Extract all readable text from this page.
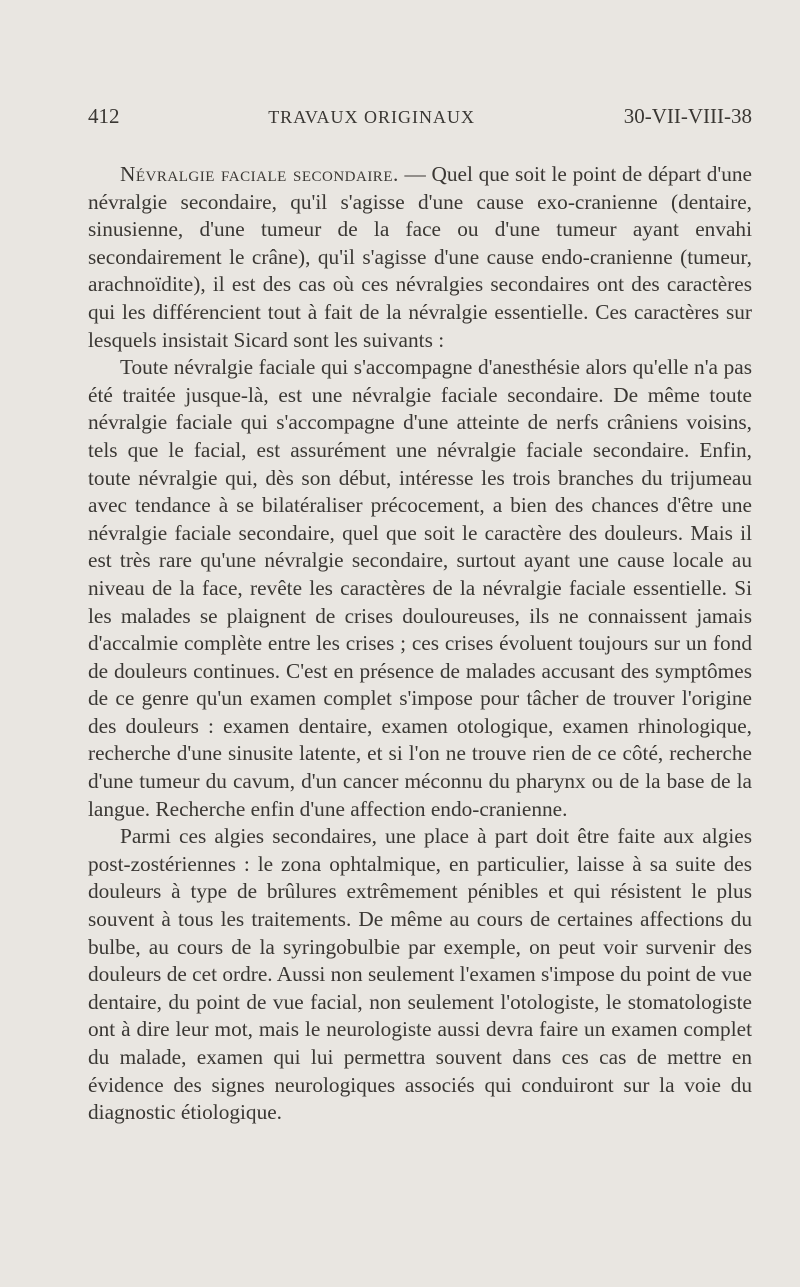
412	TRAVAUX ORIGINAUX	30-VII-VIII-38

Névralgie faciale secondaire. — Quel que soit le point de départ d'une névralgie secondaire, qu'il s'agisse d'une cause exo-cranienne (dentaire, sinusienne, d'une tumeur de la face ou d'une tumeur ayant envahi secondairement le crâne), qu'il s'agisse d'une cause endo-cranienne (tumeur, arachnoïdite), il est des cas où ces névralgies secondaires ont des caractères qui les différencient tout à fait de la névralgie essentielle. Ces caractères sur lesquels insistait Sicard sont les suivants :

Toute névralgie faciale qui s'accompagne d'anesthésie alors qu'elle n'a pas été traitée jusque-là, est une névralgie faciale secondaire. De même toute névralgie faciale qui s'accompagne d'une atteinte de nerfs crâniens voisins, tels que le facial, est assurément une névralgie faciale secondaire. Enfin, toute névralgie qui, dès son début, intéresse les trois branches du trijumeau avec tendance à se bilatéraliser précocement, a bien des chances d'être une névralgie faciale secondaire, quel que soit le caractère des douleurs. Mais il est très rare qu'une névralgie secondaire, surtout ayant une cause locale au niveau de la face, revête les caractères de la névralgie faciale essentielle. Si les malades se plaignent de crises douloureuses, ils ne connaissent jamais d'accalmie complète entre les crises ; ces crises évoluent toujours sur un fond de douleurs continues. C'est en présence de malades accusant des symptômes de ce genre qu'un examen complet s'impose pour tâcher de trouver l'origine des douleurs : examen dentaire, examen otologique, examen rhinologique, recherche d'une sinusite latente, et si l'on ne trouve rien de ce côté, recherche d'une tumeur du cavum, d'un cancer méconnu du pharynx ou de la base de la langue. Recherche enfin d'une affection endo-cranienne.

Parmi ces algies secondaires, une place à part doit être faite aux algies post-zostériennes : le zona ophtalmique, en particulier, laisse à sa suite des douleurs à type de brûlures extrêmement pénibles et qui résistent le plus souvent à tous les traitements. De même au cours de certaines affections du bulbe, au cours de la syringobulbie par exemple, on peut voir survenir des douleurs de cet ordre. Aussi non seulement l'examen s'impose du point de vue dentaire, du point de vue facial, non seulement l'otologiste, le stomatologiste ont à dire leur mot, mais le neurologiste aussi devra faire un examen complet du malade, examen qui lui permettra souvent dans ces cas de mettre en évidence des signes neurologiques associés qui conduiront sur la voie du diagnostic étiologique.
